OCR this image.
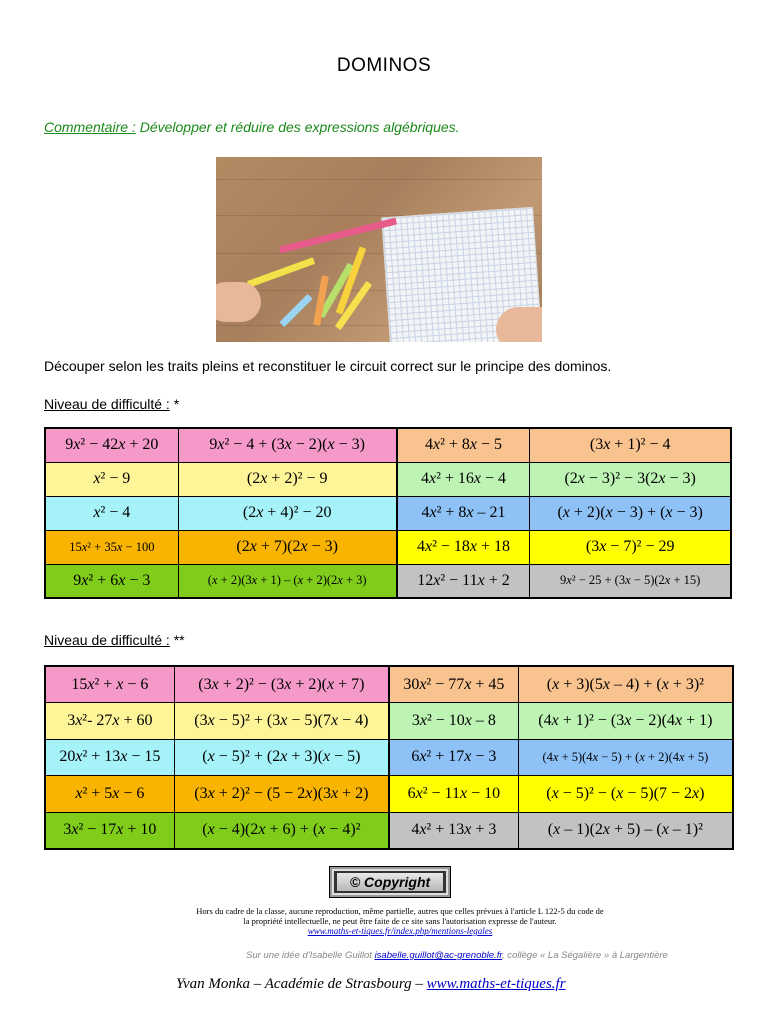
DOMINOS
Commentaire : Développer et réduire des expressions algébriques.
Découper selon les traits pleins et reconstituer le circuit correct sur le principe des dominos.
Niveau de difficulté : *
9x² − 42x + 20	9x² − 4 + (3x − 2)(x − 3)	4x² + 8x − 5	(3x + 1)² − 4
x² − 9	(2x + 2)² − 9	4x² + 16x − 4	(2x − 3)² − 3(2x − 3)
x² − 4	(2x + 4)² − 20	4x² + 8x – 21	(x + 2)(x − 3) + (x − 3)
15x² + 35x − 100	(2x + 7)(2x − 3)	4x² − 18x + 18	(3x − 7)² − 29
9x² + 6x − 3	(x + 2)(3x + 1) – (x + 2)(2x + 3)	12x² − 11x + 2	9x² − 25 + (3x − 5)(2x + 15)
Niveau de difficulté : **
15x² + x − 6	(3x + 2)² − (3x + 2)(x + 7)	30x² − 77x + 45	(x + 3)(5x – 4) + (x + 3)²
3x²- 27x + 60	(3x − 5)² + (3x − 5)(7x − 4)	3x² − 10x – 8	(4x + 1)² − (3x − 2)(4x + 1)
20x² + 13x − 15	(x − 5)² + (2x + 3)(x − 5)	6x² + 17x − 3	(4x + 5)(4x − 5) + (x + 2)(4x + 5)
x² + 5x − 6	(3x + 2)² − (5 − 2x)(3x + 2)	6x² − 11x − 10	(x − 5)² − (x − 5)(7 − 2x)
3x² − 17x + 10	(x − 4)(2x + 6) + (x − 4)²	4x² + 13x + 3	(x – 1)(2x + 5) – (x – 1)²
© Copyright
Hors du cadre de la classe, aucune reproduction, même partielle, autres que celles prévues à l'article L 122-5 du code de
la propriété intellectuelle, ne peut être faite de ce site sans l'autorisation expresse de l'auteur.
www.maths-et-tiques.fr/index.php/mentions-legales
Sur une idée d'Isabelle Guillot isabelle.guillot@ac-grenoble.fr, collège « La Ségalière » à Largentière
Yvan Monka – Académie de Strasbourg – www.maths-et-tiques.fr
